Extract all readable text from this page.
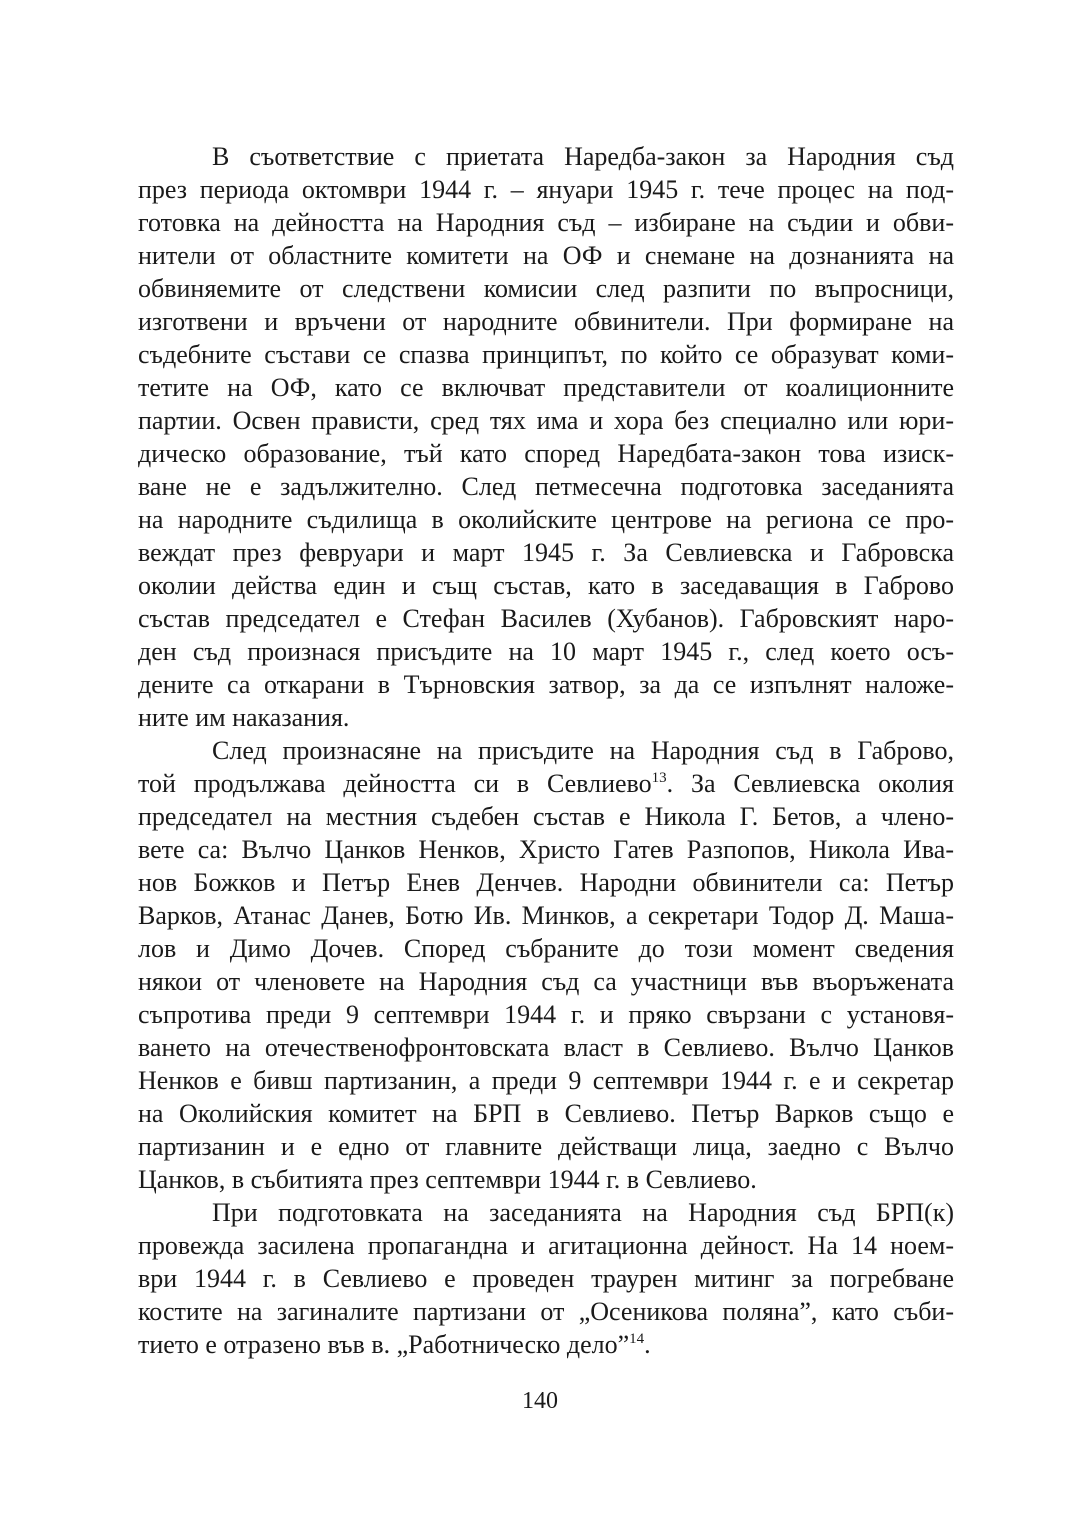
В съответствие с приетата Наредба-закон за Народния съд
през периода октомври 1944 г. – януари 1945 г. тече процес на под-
готовка на дейността на Народния съд – избиране на съдии и обви-
нители от областните комитети на ОФ и снемане на дознанията на
обвиняемите от следствени комисии след разпити по въпросници,
изготвени и връчени от народните обвинители. При формиране на
съдебните състави се спазва принципът, по който се образуват коми-
тетите на ОФ, като се включват представители от коалиционните
партии. Освен прависти, сред тях има и хора без специално или юри-
дическо образование, тъй като според Наредбата-закон това изиск-
ване не е задължително. След петмесечна подготовка заседанията
на народните съдилища в околийските центрове на региона се про-
веждат през февруари и март 1945 г. За Севлиевска и Габровска
околии действа един и същ състав, като в заседаващия в Габрово
състав председател е Стефан Василев (Хубанов). Габровският наро-
ден съд произнася присъдите на 10 март 1945 г., след което осъ-
дените са откарани в Търновския затвор, за да се изпълнят наложе-
ните им наказания.
След произнасяне на присъдите на Народния съд в Габрово,
той продължава дейността си в Севлиево$^{13}$. За Севлиевска околия
председател на местния съдебен състав е Никола Г. Бетов, а члено-
вете са: Вълчо Цанков Ненков, Христо Гатев Разпопов, Никола Ива-
нов Божков и Петър Енев Денчев. Народни обвинители са: Петър
Варков, Атанас Данев, Ботю Ив. Минков, а секретари Тодор Д. Маша-
лов и Димо Дочев. Според събраните до този момент сведения
някои от членовете на Народния съд са участници във въоръжената
съпротива преди 9 септември 1944 г. и пряко свързани с установя-
ването на отечественофронтовската власт в Севлиево. Вълчо Цанков
Ненков е бивш партизанин, а преди 9 септември 1944 г. е и секретар
на Околийския комитет на БРП в Севлиево. Петър Варков също е
партизанин и е едно от главните действащи лица, заедно с Вълчо
Цанков, в събитията през септември 1944 г. в Севлиево.
При подготовката на заседанията на Народния съд БРП(к)
провежда засилена пропагандна и агитационна дейност. На 14 ноем-
ври 1944 г. в Севлиево е проведен траурен митинг за погребване
костите на загиналите партизани от „Осеникова поляна”, като съби-
тието е отразено във в. „Работническо дело”$^{14}$.
140
